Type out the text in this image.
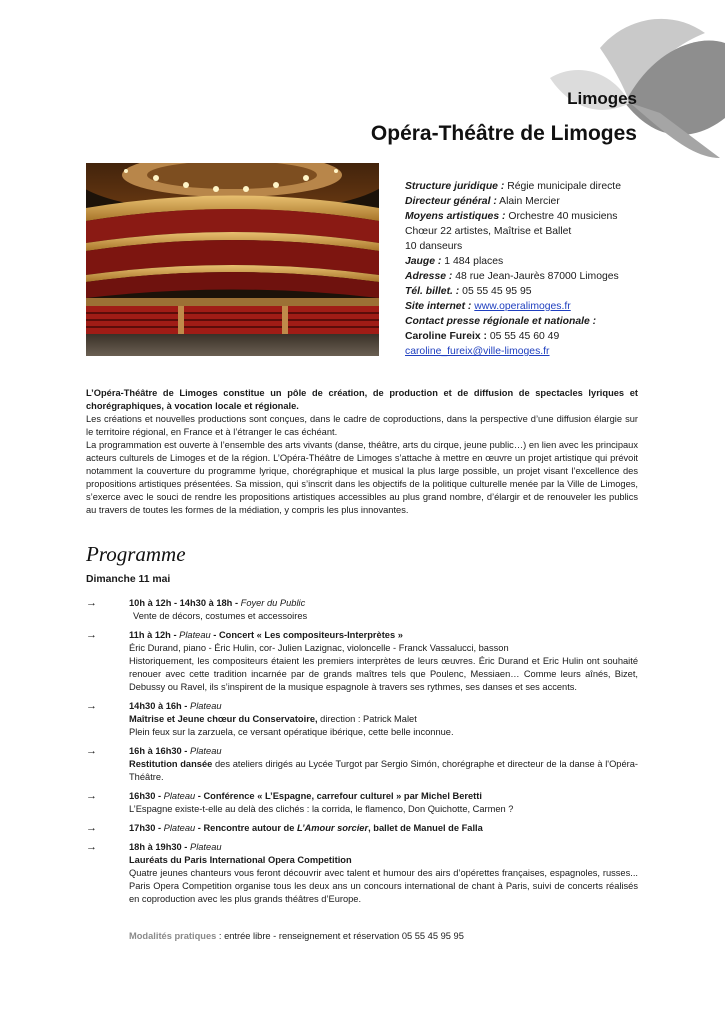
Limoges
Opéra-Théâtre de Limoges
Structure juridique : Régie municipale directe
Directeur général : Alain Mercier
Moyens artistiques : Orchestre 40 musiciens
Chœur 22 artistes, Maîtrise et Ballet
10 danseurs
Jauge : 1 484 places
Adresse : 48 rue Jean-Jaurès 87000 Limoges
Tél. billet. : 05 55 45 95 95
Site internet : www.operalimoges.fr
Contact presse régionale et nationale :
Caroline Fureix : 05 55 45 60 49
caroline_fureix@ville-limoges.fr

L’Opéra-Théâtre de Limoges constitue un pôle de création, de production et de diffusion de spectacles lyriques et chorégraphiques, à vocation locale et régionale.

Les créations et nouvelles productions sont conçues, dans le cadre de coproductions, dans la perspective d’une diffusion élargie sur le territoire régional, en France et à l’étranger le cas échéant.

La programmation est ouverte à l’ensemble des arts vivants (danse, théâtre, arts du cirque, jeune public…) en lien avec les principaux acteurs culturels de Limoges et de la région. L’Opéra-Théâtre de Limoges s’attache à mettre en œuvre un projet artistique qui prévoit notamment la couverture du programme lyrique, chorégraphique et musical la plus large possible, un projet visant l’excellence des propositions artistiques présentées. Sa mission, qui s’inscrit dans les objectifs de la politique culturelle menée par la Ville de Limoges, s’exerce avec le souci de rendre les propositions artistiques accessibles au plus grand nombre, d’élargir et de renouveler les publics au travers de toutes les formes de la médiation, y compris les plus innovantes.

Programme
Dimanche 11 mai
→	10h à 12h - 14h30 à 18h - Foyer du Public
Vente de décors, costumes et accessoires
→	11h à 12h - Plateau - Concert « Les compositeurs-Interprètes »
Éric Durand, piano - Éric Hulin, cor- Julien Lazignac, violoncelle - Franck Vassalucci, basson
Historiquement, les compositeurs étaient les premiers interprètes de leurs œuvres. Éric Durand et Eric Hulin ont souhaité renouer avec cette tradition incarnée par de grands maîtres tels que Poulenc, Messiaen… Comme leurs aînés, Bizet, Debussy ou Ravel, ils s’inspirent de la musique espagnole à travers ses rythmes, ses danses et ses accents.
→	14h30 à 16h - Plateau
Maîtrise et Jeune chœur du Conservatoire, direction : Patrick Malet
Plein feux sur la zarzuela, ce versant opératique ibérique, cette belle inconnue.
→	16h à 16h30 - Plateau
Restitution dansée des ateliers dirigés au Lycée Turgot par Sergio Simón, chorégraphe et directeur de la danse à l'Opéra-Théâtre.
→	16h30 - Plateau - Conférence « L’Espagne, carrefour culturel » par Michel Beretti
L’Espagne existe-t-elle au delà des clichés : la corrida, le flamenco, Don Quichotte, Carmen ?
→	17h30 - Plateau - Rencontre autour de L’Amour sorcier, ballet de Manuel de Falla
→	18h à 19h30 - Plateau
Lauréats du Paris International Opera Competition
Quatre jeunes chanteurs vous feront découvrir avec talent et humour des airs d’opérettes françaises, espagnoles, russes... Paris Opera Competition organise tous les deux ans un concours international de chant à Paris, suivi de concerts réalisés en coproduction avec les plus grands théâtres d’Europe.
Modalités pratiques : entrée libre - renseignement et réservation 05 55 45 95 95
